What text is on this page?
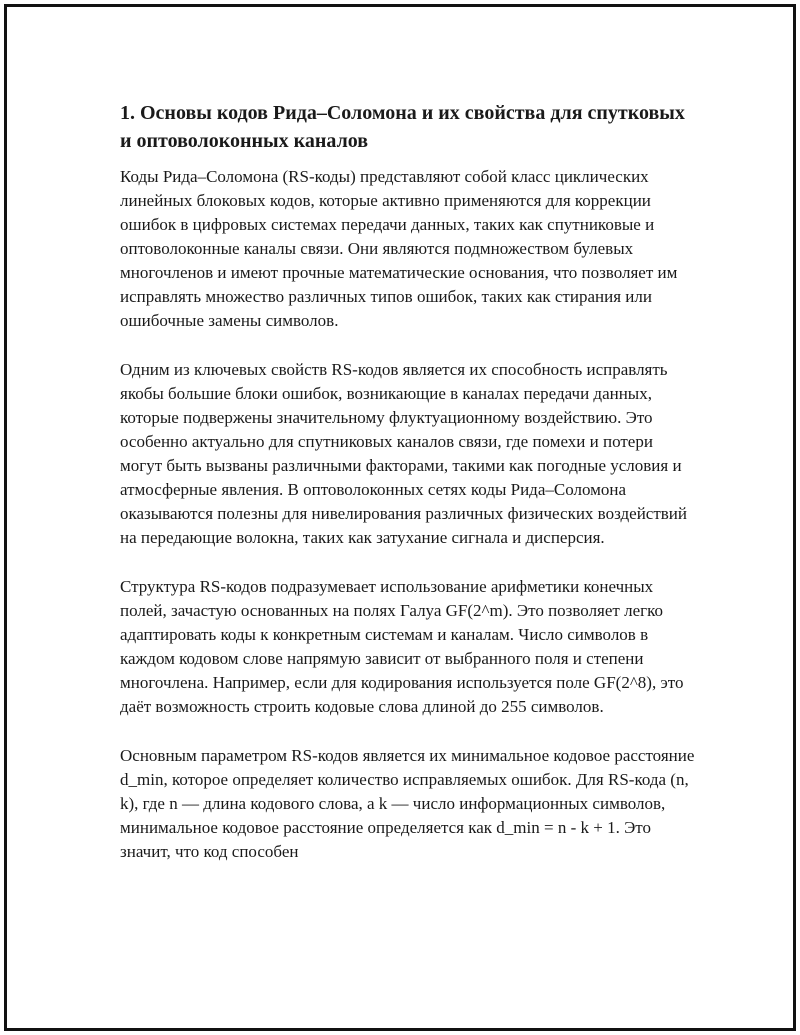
1. Основы кодов Рида–Соломона и их свойства для спутковых и оптоволоконных каналов

Коды Рида–Соломона (RS-коды) представляют собой класс циклических линейных блоковых кодов, которые активно применяются для коррекции ошибок в цифровых системах передачи данных, таких как спутниковые и оптоволоконные каналы связи. Они являются подмножеством булевых многочленов и имеют прочные математические основания, что позволяет им исправлять множество различных типов ошибок, таких как стирания или ошибочные замены символов.

Одним из ключевых свойств RS-кодов является их способность исправлять якобы большие блоки ошибок, возникающие в каналах передачи данных, которые подвержены значительному флуктуационному воздействию. Это особенно актуально для спутниковых каналов связи, где помехи и потери могут быть вызваны различными факторами, такими как погодные условия и атмосферные явления. В оптоволоконных сетях коды Рида–Соломона оказываются полезны для нивелирования различных физических воздействий на передающие волокна, таких как затухание сигнала и дисперсия.

Структура RS-кодов подразумевает использование арифметики конечных полей, зачастую основанных на полях Галуа GF(2^m). Это позволяет легко адаптировать коды к конкретным системам и каналам. Число символов в каждом кодовом слове напрямую зависит от выбранного поля и степени многочлена. Например, если для кодирования используется поле GF(2^8), это даёт возможность строить кодовые слова длиной до 255 символов.

Основным параметром RS-кодов является их минимальное кодовое расстояние d_min, которое определяет количество исправляемых ошибок. Для RS-кода (n, k), где n — длина кодового слова, а k — число информационных символов, минимальное кодовое расстояние определяется как d_min = n - k + 1. Это значит, что код способен
